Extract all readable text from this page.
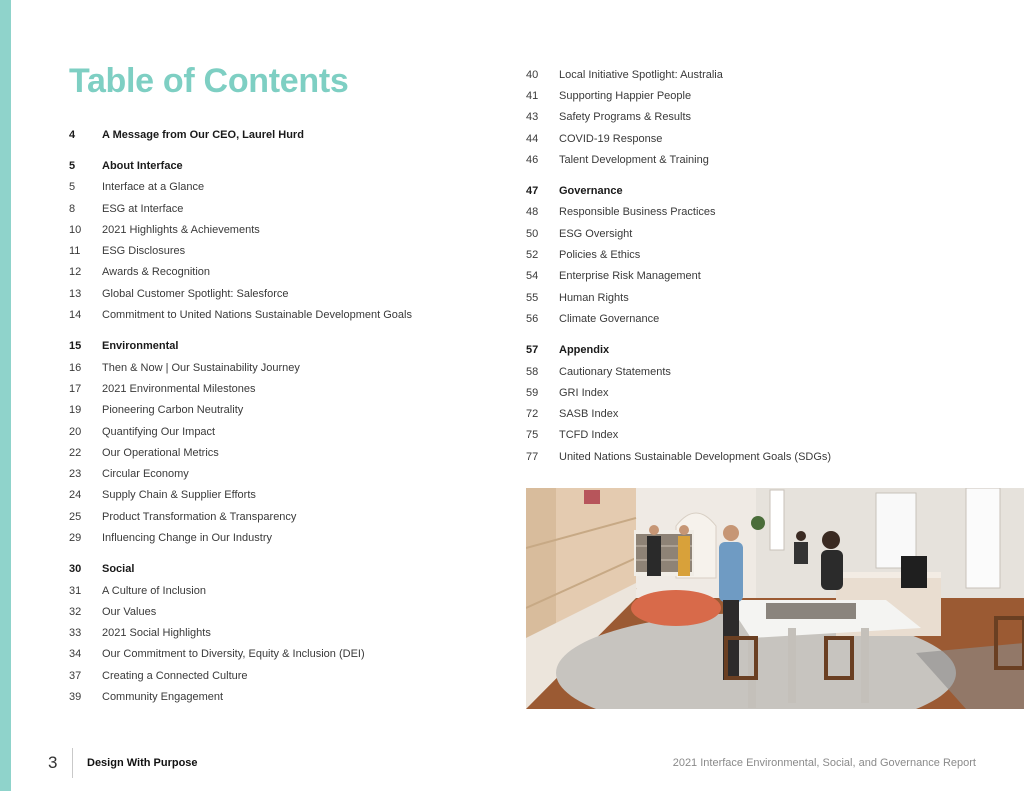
Table of Contents
4	A Message from Our CEO, Laurel Hurd
5	About Interface
5	Interface at a Glance
8	ESG at Interface
10	2021 Highlights & Achievements
11	ESG Disclosures
12	Awards & Recognition
13	Global Customer Spotlight: Salesforce
14	Commitment to United Nations Sustainable Development Goals
15	Environmental
16	Then & Now | Our Sustainability Journey
17	2021 Environmental Milestones
19	Pioneering Carbon Neutrality
20	Quantifying Our Impact
22	Our Operational Metrics
23	Circular Economy
24	Supply Chain & Supplier Efforts
25	Product Transformation & Transparency
29	Influencing Change in Our Industry
30	Social
31	A Culture of Inclusion
32	Our Values
33	2021 Social Highlights
34	Our Commitment to Diversity, Equity & Inclusion (DEI)
37	Creating a Connected Culture
39	Community Engagement
40	Local Initiative Spotlight: Australia
41	Supporting Happier People
43	Safety Programs & Results
44	COVID-19 Response
46	Talent Development & Training
47	Governance
48	Responsible Business Practices
50	ESG Oversight
52	Policies & Ethics
54	Enterprise Risk Management
55	Human Rights
56	Climate Governance
57	Appendix
58	Cautionary Statements
59	GRI Index
72	SASB Index
75	TCFD Index
77	United Nations Sustainable Development Goals (SDGs)
3	Design With Purpose	2021 Interface Environmental, Social, and Governance Report
